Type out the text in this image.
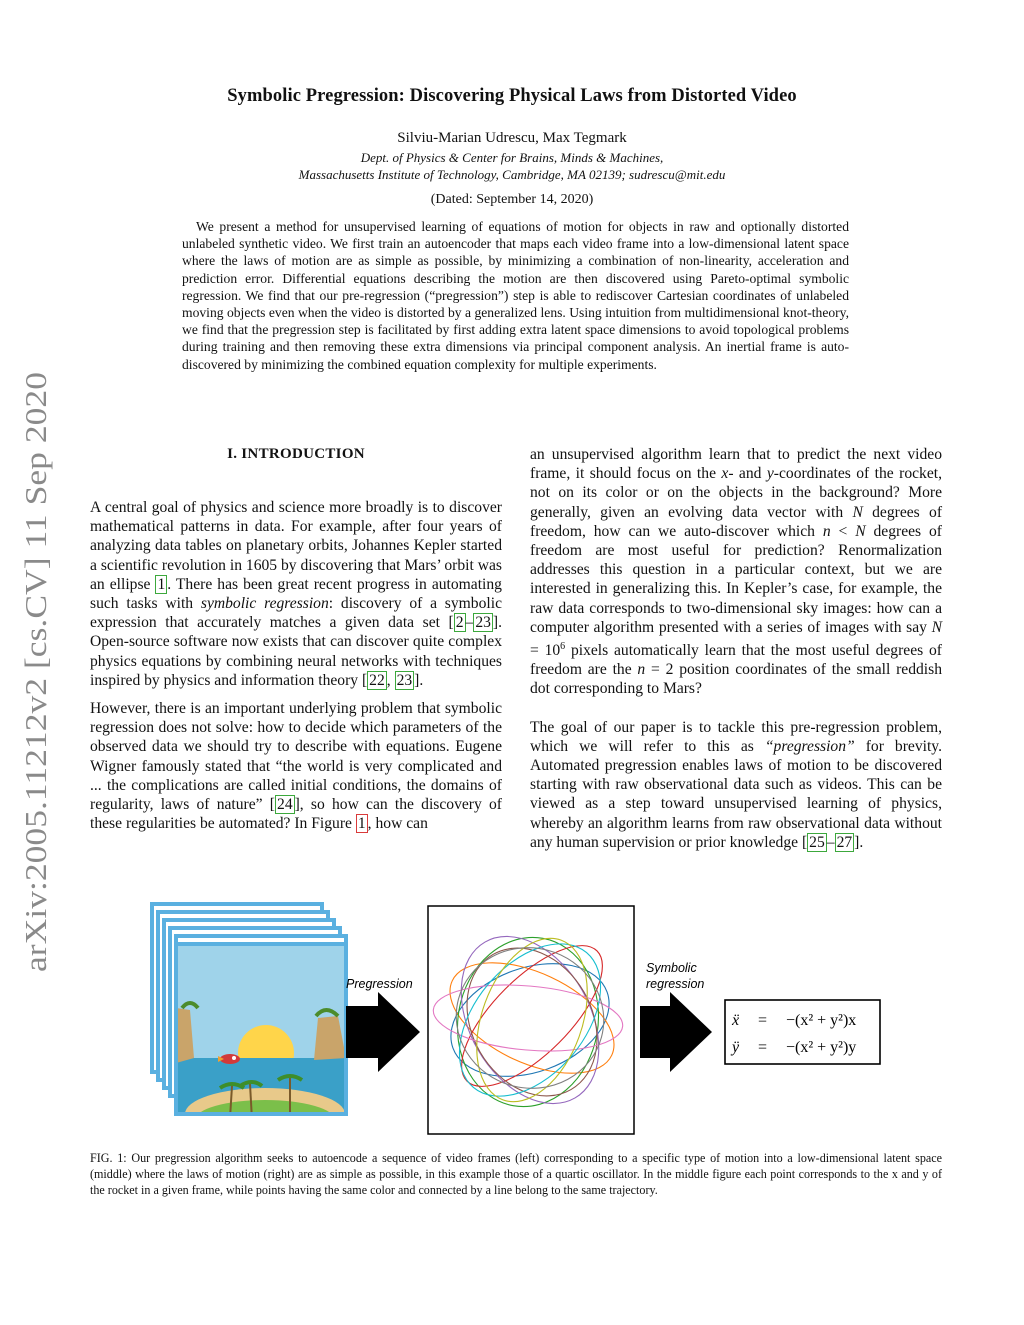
arXiv:2005.11212v2 [cs.CV] 11 Sep 2020
Symbolic Pregression: Discovering Physical Laws from Distorted Video
Silviu-Marian Udrescu, Max Tegmark
Dept. of Physics & Center for Brains, Minds & Machines,
Massachusetts Institute of Technology, Cambridge, MA 02139; sudrescu@mit.edu
(Dated: September 14, 2020)
We present a method for unsupervised learning of equations of motion for objects in raw and optionally distorted unlabeled synthetic video. We first train an autoencoder that maps each video frame into a low-dimensional latent space where the laws of motion are as simple as possible, by minimizing a combination of non-linearity, acceleration and prediction error. Differential equations describing the motion are then discovered using Pareto-optimal symbolic regression. We find that our pre-regression (“pregression”) step is able to rediscover Cartesian coordinates of unlabeled moving objects even when the video is distorted by a generalized lens. Using intuition from multidimensional knot-theory, we find that the pregression step is facilitated by first adding extra latent space dimensions to avoid topological problems during training and then removing these extra dimensions via principal component analysis. An inertial frame is auto-discovered by minimizing the combined equation complexity for multiple experiments.
I. INTRODUCTION

A central goal of physics and science more broadly is to discover mathematical patterns in data. For example, after four years of analyzing data tables on planetary orbits, Johannes Kepler started a scientific revolution in 1605 by discovering that Mars’ orbit was an ellipse 1 . There has been great recent progress in automating such tasks with symbolic regression: discovery of a symbolic expression that accurately matches a given data set [ 2 – 23 ]. Open-source software now exists that can discover quite complex physics equations by combining neural networks with techniques inspired by physics and information theory [ 22 , 23 ].

However, there is an important underlying problem that symbolic regression does not solve: how to decide which parameters of the observed data we should try to describe with equations. Eugene Wigner famously stated that “the world is very complicated and ... the complications are called initial conditions, the domains of regularity, laws of nature” [ 24 ], so how can the discovery of these regularities be automated? In Figure 1 , how can

an unsupervised algorithm learn that to predict the next video frame, it should focus on the x- and y-coordinates of the rocket, not on its color or on the objects in the background? More generally, given an evolving data vector with N degrees of freedom, how can we auto-discover which n < N degrees of freedom are most useful for prediction? Renormalization addresses this question in a particular context, but we are interested in generalizing this. In Kepler’s case, for example, the raw data corresponds to two-dimensional sky images: how can a computer algorithm presented with a series of images with say $N = 10^6$ pixels automatically learn that the most useful degrees of freedom are the n = 2 position coordinates of the small reddish dot corresponding to Mars?

The goal of our paper is to tackle this pre-regression problem, which we will refer to this as “pregression” for brevity. Automated pregression enables laws of motion to be discovered starting with raw observational data such as videos. This can be viewed as a step toward unsupervised learning of physics, whereby an algorithm learns from raw observational data without any human supervision or prior knowledge [ 25 – 27 ].

Pregression
Symbolic
regression
ẍ = −(x² + y²)x
ÿ = −(x² + y²)y
FIG. 1: Our pregression algorithm seeks to autoencode a sequence of video frames (left) corresponding to a specific type of motion into a low-dimensional latent space (middle) where the laws of motion (right) are as simple as possible, in this example those of a quartic oscillator. In the middle figure each point corresponds to the x and y of the rocket in a given frame, while points having the same color and connected by a line belong to the same trajectory.
